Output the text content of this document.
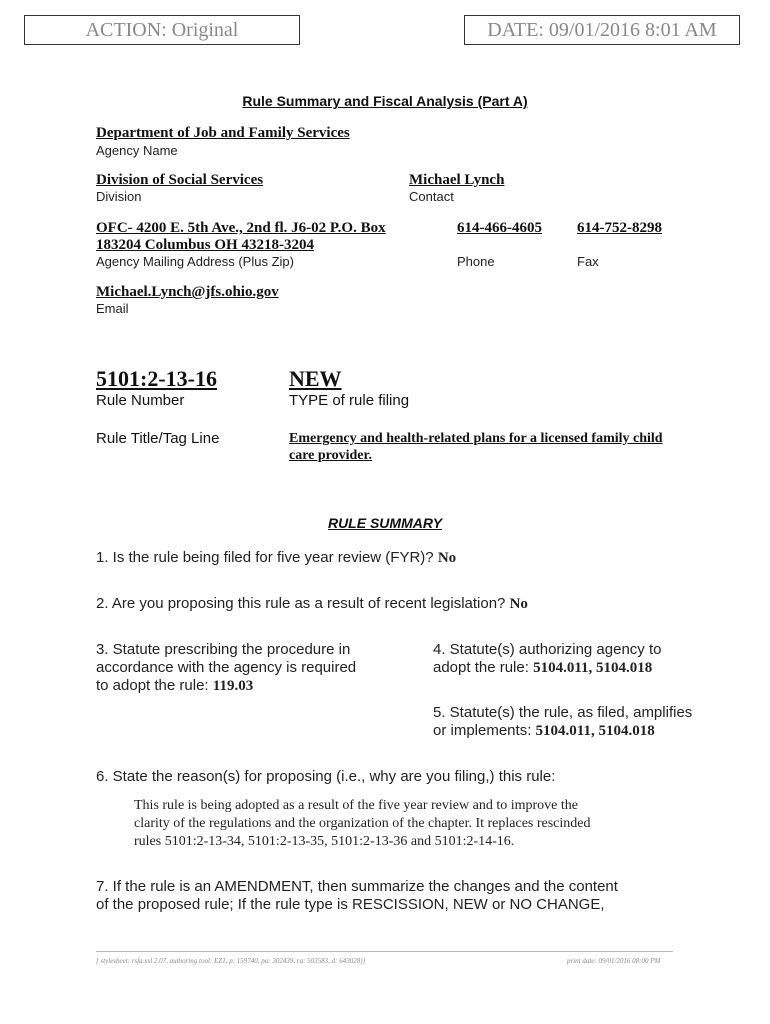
ACTION: Original	DATE: 09/01/2016 8:01 AM
Rule Summary and Fiscal Analysis (Part A)
Department of Job and Family Services
Agency Name
Division of Social Services
Division
Michael Lynch
Contact
OFC- 4200 E. 5th Ave., 2nd fl. J6-02 P.O. Box
183204 Columbus OH 43218-3204
Agency Mailing Address (Plus Zip)
614-466-4605
Phone
614-752-8298
Fax
Michael.Lynch@jfs.ohio.gov
Email
5101:2-13-16
Rule Number
NEW
TYPE of rule filing
Rule Title/Tag Line	Emergency and health-related plans for a licensed family child
care provider.
RULE SUMMARY
1. Is the rule being filed for five year review (FYR)? No
2. Are you proposing this rule as a result of recent legislation? No
3. Statute prescribing the procedure in
accordance with the agency is required
to adopt the rule: 119.03
4. Statute(s) authorizing agency to
adopt the rule: 5104.011, 5104.018
5. Statute(s) the rule, as filed, amplifies
or implements: 5104.011, 5104.018
6. State the reason(s) for proposing (i.e., why are you filing,) this rule:
This rule is being adopted as a result of the five year review and to improve the
clarity of the regulations and the organization of the chapter. It replaces rescinded
rules 5101:2-13-34, 5101:2-13-35, 5101:2-13-36 and 5101:2-14-16.
7. If the rule is an AMENDMENT, then summarize the changes and the content
of the proposed rule; If the rule type is RESCISSION, NEW or NO CHANGE,
[ stylesheet: rsfa.xsl 2.07, authoring tool: EZ1, p: 159740, pa: 302439, ra: 503583, d: 643028)]	print date: 09/01/2016 08:00 PM
